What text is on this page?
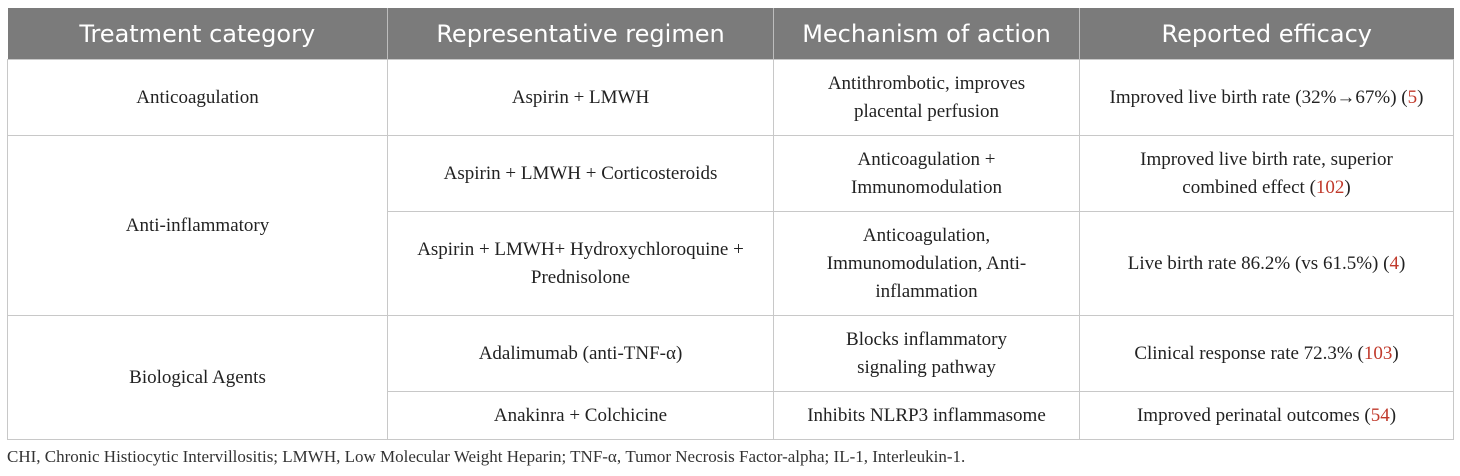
Treatment category	Representative regimen	Mechanism of action	Reported efficacy
Anticoagulation	Aspirin + LMWH	Antithrombotic, improves placental perfusion	Improved live birth rate (32%→67%) (5)
Anti-inflammatory	Aspirin + LMWH + Corticosteroids	Anticoagulation + Immunomodulation	Improved live birth rate, superior combined effect (102)
	Aspirin + LMWH+ Hydroxychloroquine + Prednisolone	Anticoagulation, Immunomodulation, Anti-inflammation	Live birth rate 86.2% (vs 61.5%) (4)
Biological Agents	Adalimumab (anti-TNF-α)	Blocks inflammatory signaling pathway	Clinical response rate 72.3% (103)
	Anakinra + Colchicine	Inhibits NLRP3 inflammasome	Improved perinatal outcomes (54)
CHI, Chronic Histiocytic Intervillositis; LMWH, Low Molecular Weight Heparin; TNF-α, Tumor Necrosis Factor-alpha; IL-1, Interleukin-1.
